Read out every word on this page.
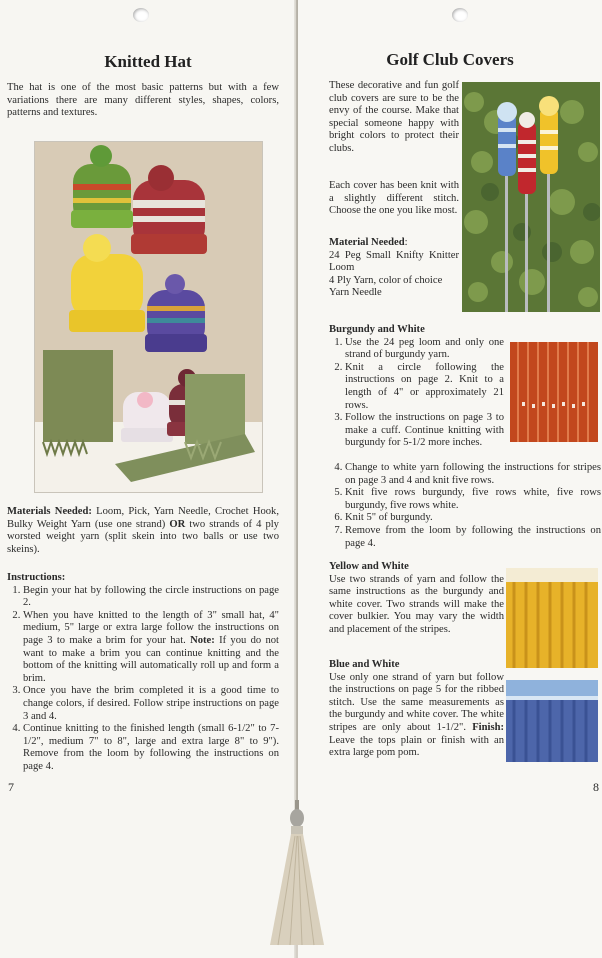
Knitted Hat
The hat is one of the most basic patterns but with a few variations there are many different styles, shapes, colors, patterns and textures.
Materials Needed: Loom, Pick, Yarn Needle, Crochet Hook, Bulky Weight Yarn (use one strand) OR two strands of 4 ply worsted weight yarn (split skein into two balls or use two skeins).
Instructions:
1. Begin your hat by following the circle instructions on page 2.
2. When you have knitted to the length of 3" small hat, 4" medium, 5" large or extra large follow the instructions on page 3 to make a brim for your hat. Note: If you do not want to make a brim you can continue knitting and the bottom of the knitting will automatically roll up and form a brim.
3. Once you have the brim completed it is a good time to change colors, if desired. Follow stripe instructions on page 3 and 4.
4. Continue knitting to the finished length (small 6-1/2" to 7-1/2", medium 7" to 8", large and extra large 8" to 9"). Remove from the loom by following the instructions on page 4.
7
Golf Club Covers
These decorative and fun golf club covers are sure to be the envy of the course. Make that special someone happy with bright colors to protect their clubs.
Each cover has been knit with a slightly different stitch. Choose the one you like most.
Material Needed:
24 Peg Small Knifty Knitter Loom
4 Ply Yarn, color of choice
Yarn Needle
Burgundy and White
1. Use the 24 peg loom and only one strand of burgundy yarn.
2. Knit a circle following the instructions on page 2. Knit to a length of 4" or approximately 21 rows.
3. Follow the instructions on page 3 to make a cuff. Continue knitting with burgundy for 5-1/2 more inches.
4. Change to white yarn following the instructions for stripes on page 3 and 4 and knit five rows.
5. Knit five rows burgundy, five rows white, five rows burgundy, five rows white.
6. Knit 5" of burgundy.
7. Remove from the loom by following the instructions on page 4.
Yellow and White
Use two strands of yarn and follow the same instructions as the burgundy and white cover. Two strands will make the cover bulkier. You may vary the width and placement of the stripes.
Blue and White
Use only one strand of yarn but follow the instructions on page 5 for the ribbed stitch. Use the same measurements as the burgundy and white cover. The white stripes are only about 1-1/2". Finish: Leave the tops plain or finish with an extra large pom pom.
8
